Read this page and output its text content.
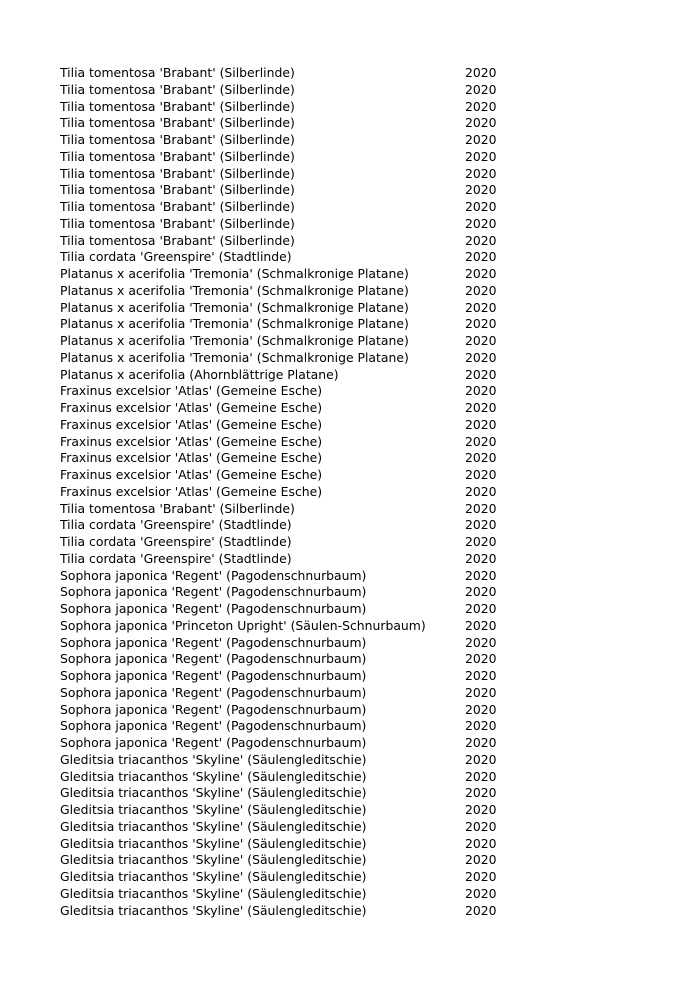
Tilia tomentosa 'Brabant' (Silberlinde)	2020
Tilia tomentosa 'Brabant' (Silberlinde)	2020
Tilia tomentosa 'Brabant' (Silberlinde)	2020
Tilia tomentosa 'Brabant' (Silberlinde)	2020
Tilia tomentosa 'Brabant' (Silberlinde)	2020
Tilia tomentosa 'Brabant' (Silberlinde)	2020
Tilia tomentosa 'Brabant' (Silberlinde)	2020
Tilia tomentosa 'Brabant' (Silberlinde)	2020
Tilia tomentosa 'Brabant' (Silberlinde)	2020
Tilia tomentosa 'Brabant' (Silberlinde)	2020
Tilia tomentosa 'Brabant' (Silberlinde)	2020
Tilia cordata 'Greenspire' (Stadtlinde)	2020
Platanus x acerifolia 'Tremonia' (Schmalkronige Platane)	2020
Platanus x acerifolia 'Tremonia' (Schmalkronige Platane)	2020
Platanus x acerifolia 'Tremonia' (Schmalkronige Platane)	2020
Platanus x acerifolia 'Tremonia' (Schmalkronige Platane)	2020
Platanus x acerifolia 'Tremonia' (Schmalkronige Platane)	2020
Platanus x acerifolia 'Tremonia' (Schmalkronige Platane)	2020
Platanus x acerifolia (Ahornblättrige Platane)	2020
Fraxinus excelsior 'Atlas' (Gemeine Esche)	2020
Fraxinus excelsior 'Atlas' (Gemeine Esche)	2020
Fraxinus excelsior 'Atlas' (Gemeine Esche)	2020
Fraxinus excelsior 'Atlas' (Gemeine Esche)	2020
Fraxinus excelsior 'Atlas' (Gemeine Esche)	2020
Fraxinus excelsior 'Atlas' (Gemeine Esche)	2020
Fraxinus excelsior 'Atlas' (Gemeine Esche)	2020
Tilia tomentosa 'Brabant' (Silberlinde)	2020
Tilia cordata 'Greenspire' (Stadtlinde)	2020
Tilia cordata 'Greenspire' (Stadtlinde)	2020
Tilia cordata 'Greenspire' (Stadtlinde)	2020
Sophora japonica 'Regent' (Pagodenschnurbaum)	2020
Sophora japonica 'Regent' (Pagodenschnurbaum)	2020
Sophora japonica 'Regent' (Pagodenschnurbaum)	2020
Sophora japonica 'Princeton Upright' (Säulen-Schnurbaum)	2020
Sophora japonica 'Regent' (Pagodenschnurbaum)	2020
Sophora japonica 'Regent' (Pagodenschnurbaum)	2020
Sophora japonica 'Regent' (Pagodenschnurbaum)	2020
Sophora japonica 'Regent' (Pagodenschnurbaum)	2020
Sophora japonica 'Regent' (Pagodenschnurbaum)	2020
Sophora japonica 'Regent' (Pagodenschnurbaum)	2020
Sophora japonica 'Regent' (Pagodenschnurbaum)	2020
Gleditsia triacanthos 'Skyline' (Säulengleditschie)	2020
Gleditsia triacanthos 'Skyline' (Säulengleditschie)	2020
Gleditsia triacanthos 'Skyline' (Säulengleditschie)	2020
Gleditsia triacanthos 'Skyline' (Säulengleditschie)	2020
Gleditsia triacanthos 'Skyline' (Säulengleditschie)	2020
Gleditsia triacanthos 'Skyline' (Säulengleditschie)	2020
Gleditsia triacanthos 'Skyline' (Säulengleditschie)	2020
Gleditsia triacanthos 'Skyline' (Säulengleditschie)	2020
Gleditsia triacanthos 'Skyline' (Säulengleditschie)	2020
Gleditsia triacanthos 'Skyline' (Säulengleditschie)	2020
